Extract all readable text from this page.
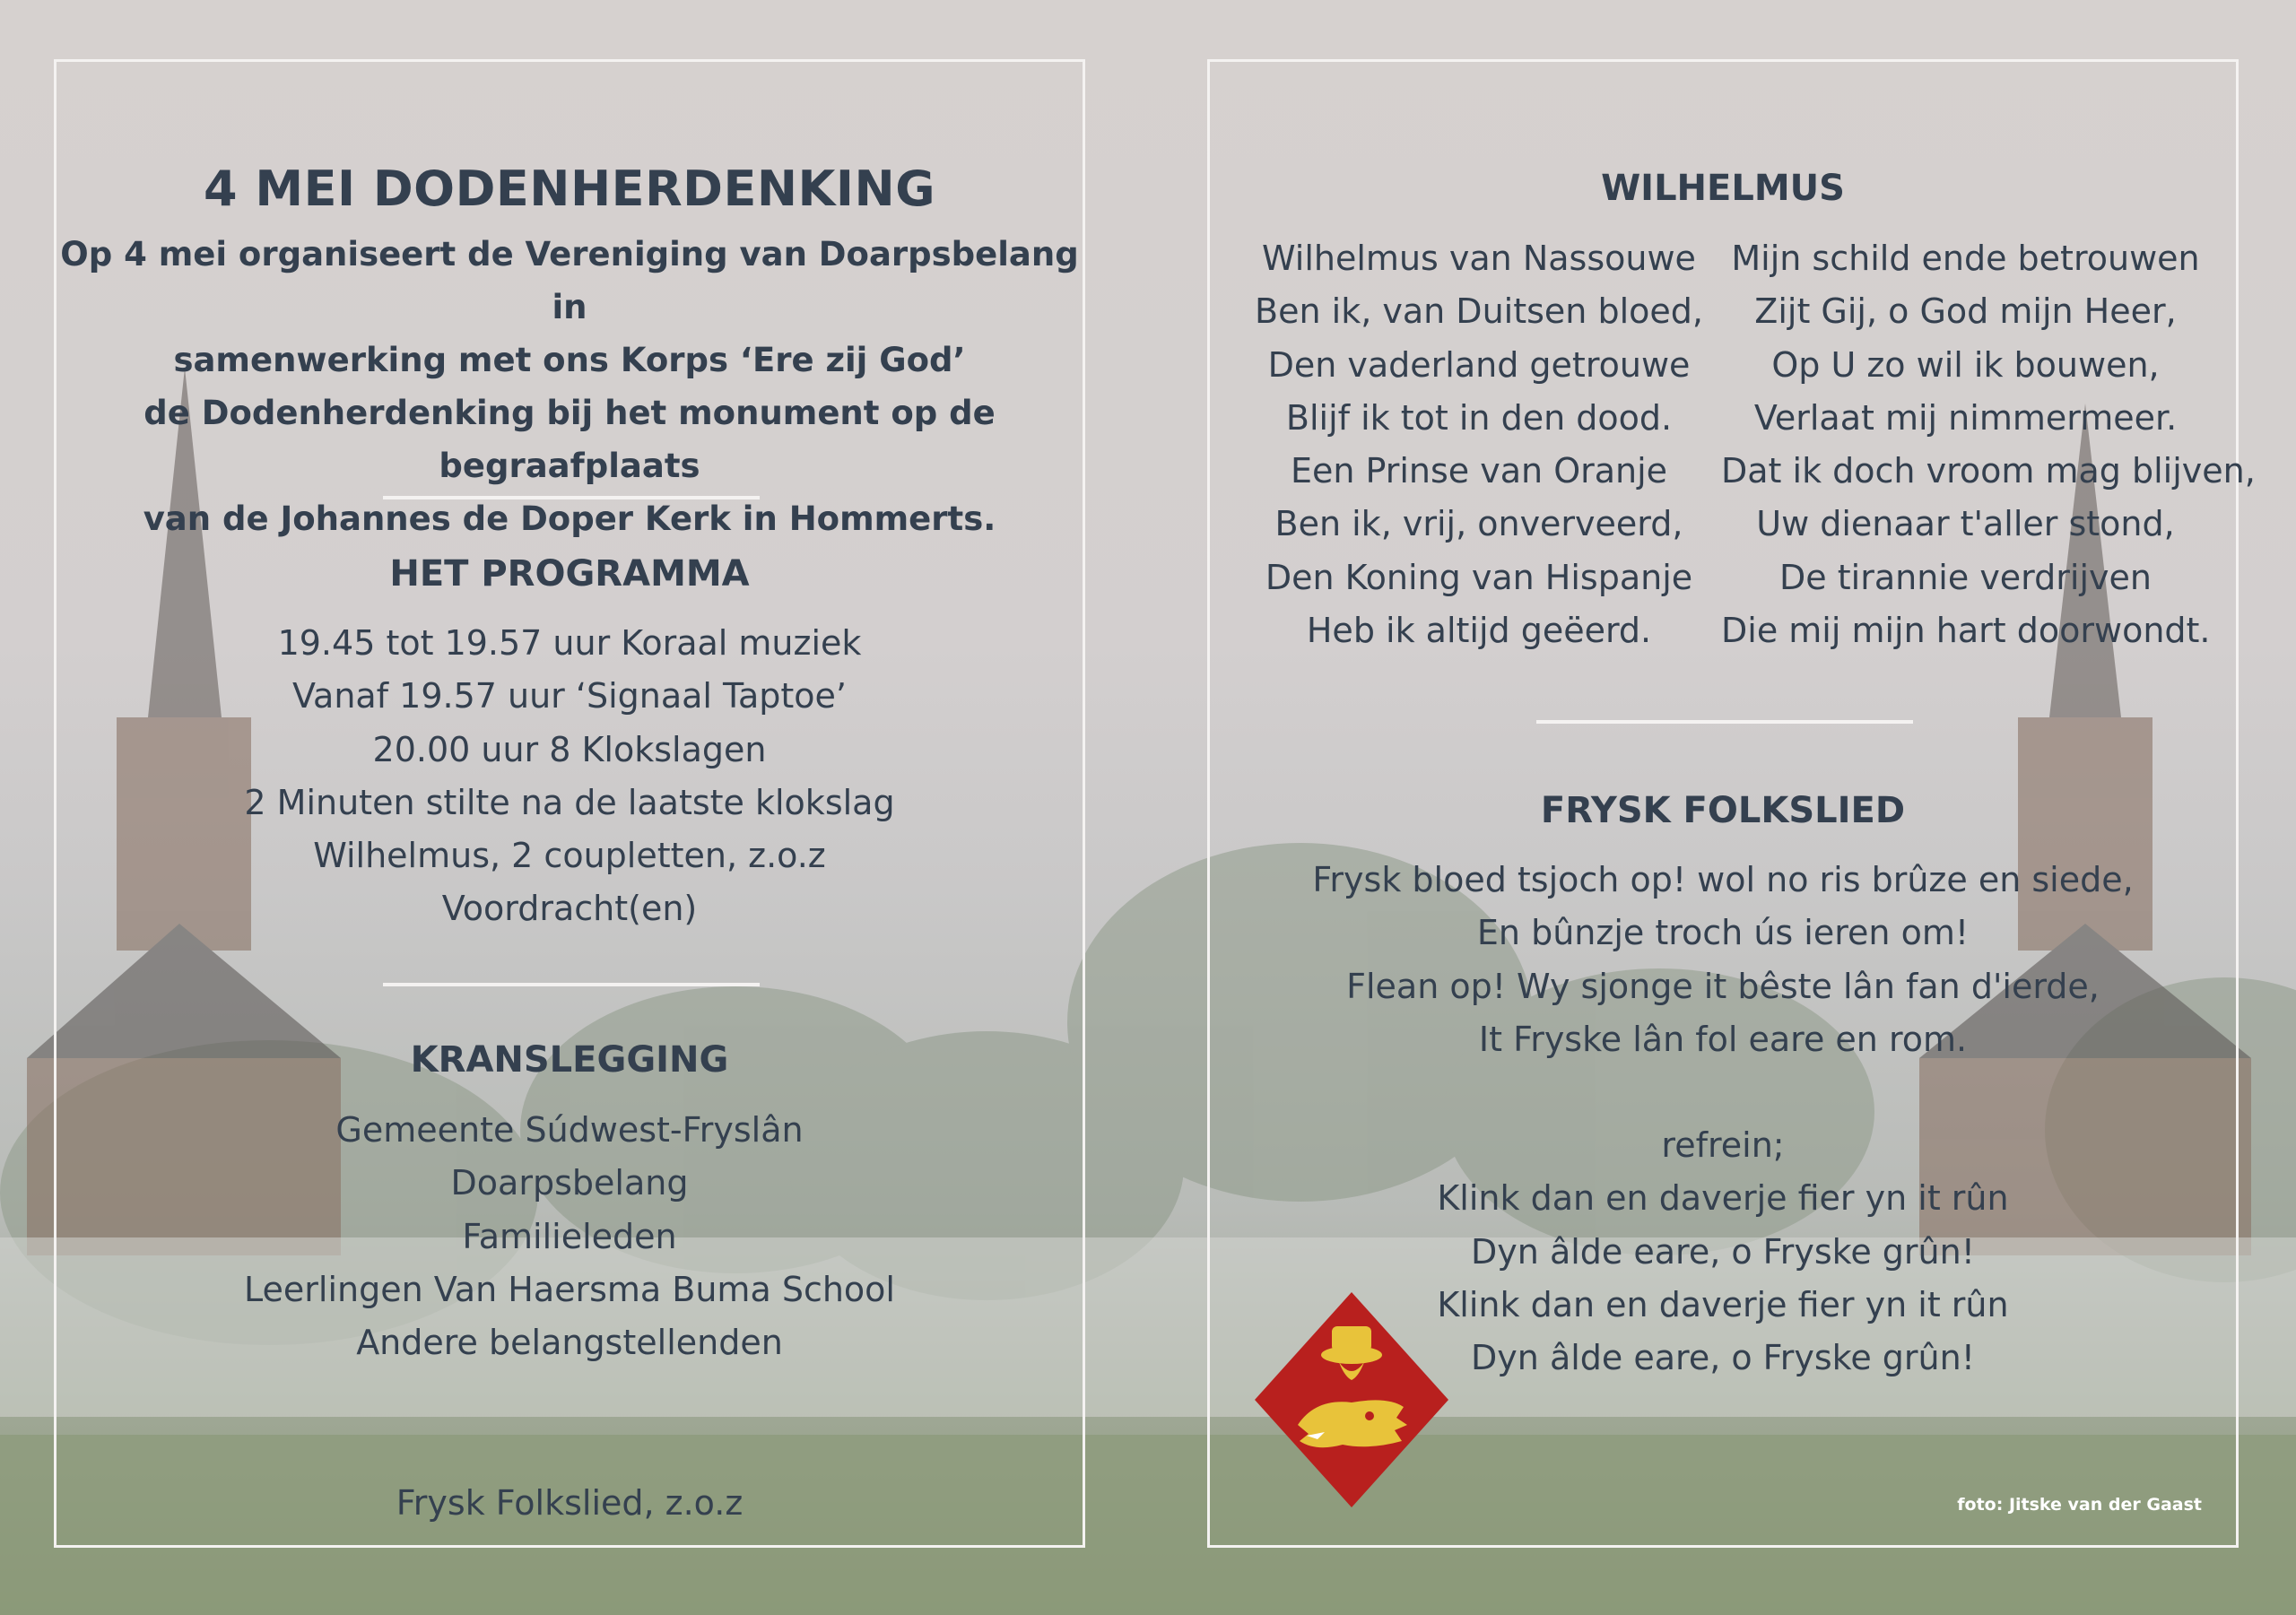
4 MEI DODENHERDENKING
Op 4 mei organiseert de Vereniging van Doarpsbelang in
samenwerking met ons Korps ‘Ere zij God’
de Dodenherdenking bij het monument op de begraafplaats
van de Johannes de Doper Kerk in Hommerts.
HET PROGRAMMA
19.45 tot 19.57 uur Koraal muziek
Vanaf 19.57 uur ‘Signaal Taptoe’
20.00 uur 8 Klokslagen
2 Minuten stilte na de laatste klokslag
Wilhelmus, 2 coupletten, z.o.z
Voordracht(en)
KRANSLEGGING
Gemeente Súdwest-Fryslân
Doarpsbelang
Familieleden
Leerlingen Van Haersma Buma School
Andere belangstellenden
Frysk Folkslied, z.o.z
WILHELMUS
Wilhelmus van Nassouwe
Ben ik, van Duitsen bloed,
Den vaderland getrouwe
Blijf ik tot in den dood.
Een Prinse van Oranje
Ben ik, vrij, onverveerd,
Den Koning van Hispanje
Heb ik altijd geëerd.
Mijn schild ende betrouwen
Zijt Gij, o God mijn Heer,
Op U zo wil ik bouwen,
Verlaat mij nimmermeer.
Dat ik doch vroom mag blijven,
Uw dienaar t'aller stond,
De tirannie verdrijven
Die mij mijn hart doorwondt.
FRYSK FOLKSLIED
Frysk bloed tsjoch op! wol no ris brûze en siede,
En bûnzje troch ús ieren om!
Flean op! Wy sjonge it bêste lân fan d'ierde,
It Fryske lân fol eare en rom.
refrein;
Klink dan en daverje fier yn it rûn
Dyn âlde eare, o Fryske grûn!
Klink dan en daverje fier yn it rûn
Dyn âlde eare, o Fryske grûn!
foto: Jitske van der Gaast
